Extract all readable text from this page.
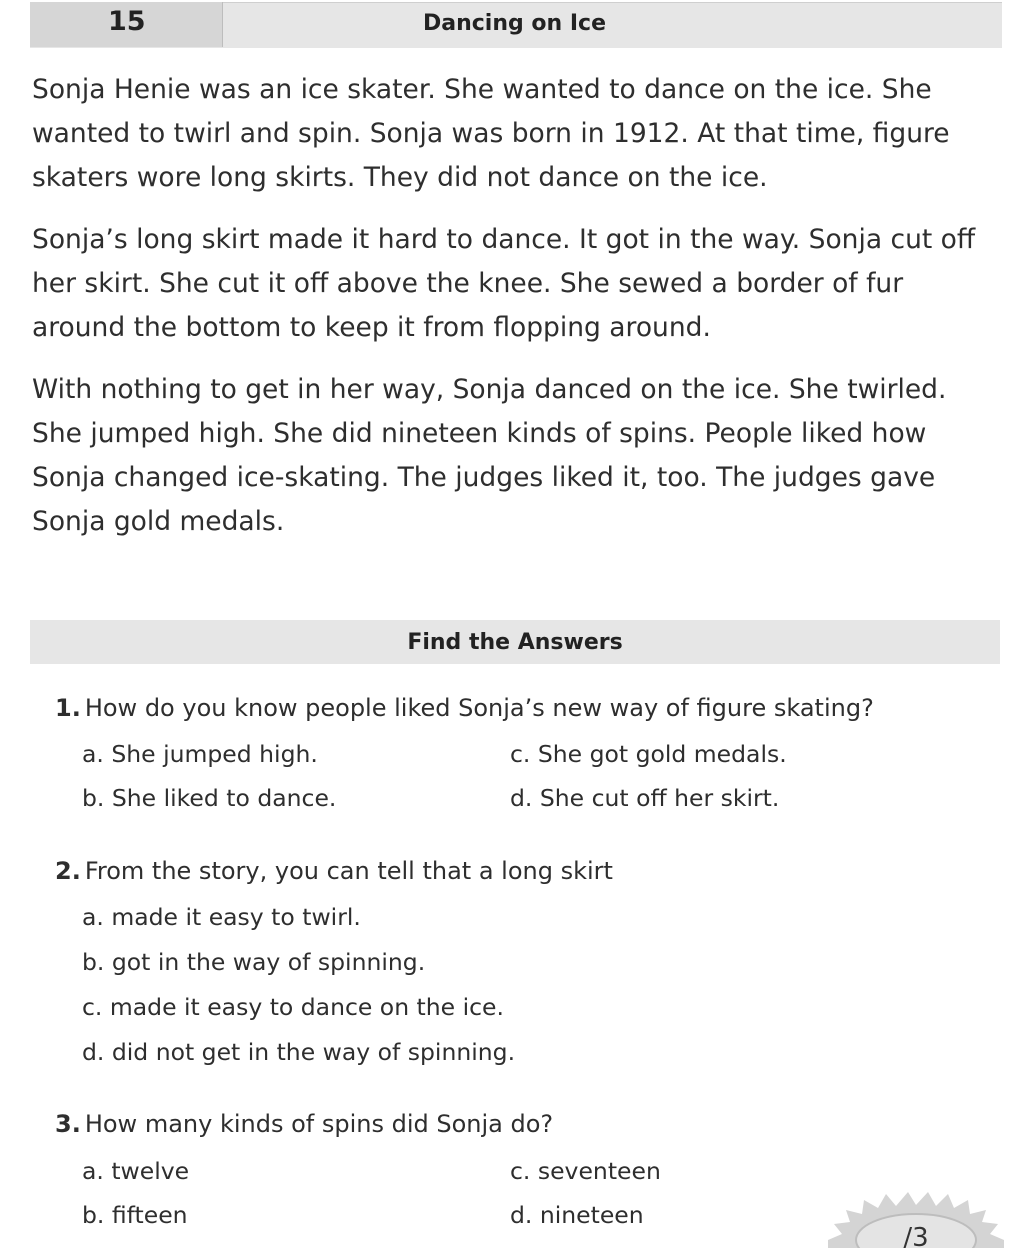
15	Dancing on Ice

Sonja Henie was an ice skater. She wanted to dance on the ice. She wanted to twirl and spin. Sonja was born in 1912. At that time, figure skaters wore long skirts. They did not dance on the ice.

Sonja’s long skirt made it hard to dance. It got in the way. Sonja cut off her skirt. She cut it off above the knee. She sewed a border of fur around the bottom to keep it from flopping around.

With nothing to get in her way, Sonja danced on the ice. She twirled. She jumped high. She did nineteen kinds of spins. People liked how Sonja changed ice-skating. The judges liked it, too. The judges gave Sonja gold medals.

Find the Answers
1. How do you know people liked Sonja’s new way of figure skating?
a. She jumped high.
b. She liked to dance.
c. She got gold medals.
d. She cut off her skirt.
2. From the story, you can tell that a long skirt
a. made it easy to twirl.
b. got in the way of spinning.
c. made it easy to dance on the ice.
d. did not get in the way of spinning.
3. How many kinds of spins did Sonja do?
a. twelve
b. fifteen
c. seventeen
d. nineteen
/3
